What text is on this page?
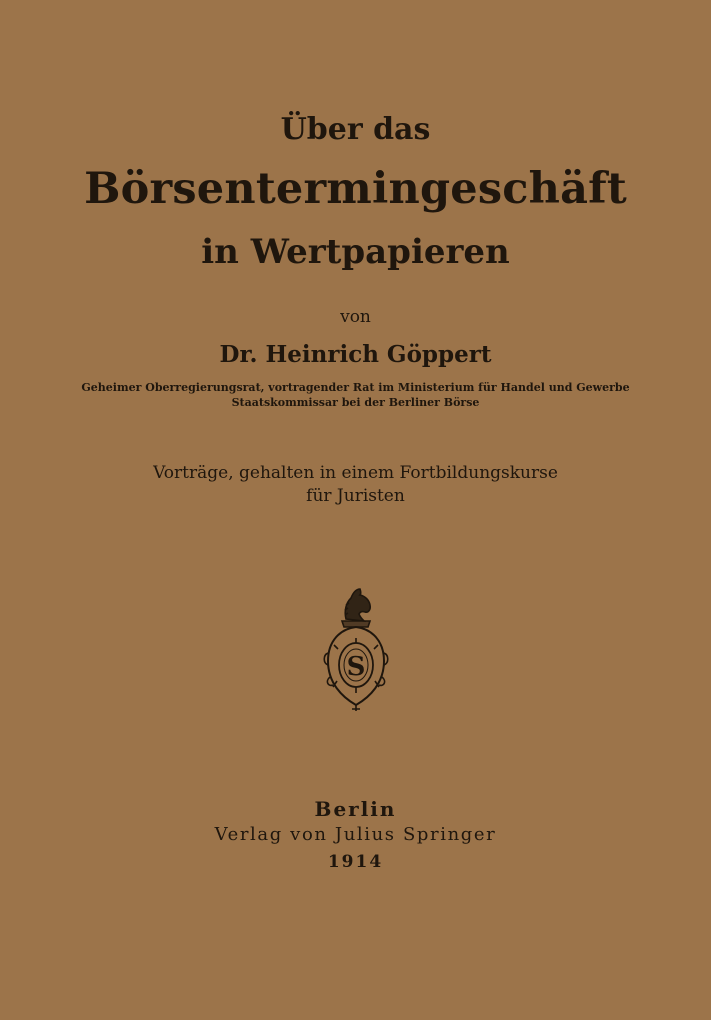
Über das
Börsentermingeschäft
in Wertpapieren
von
Dr. Heinrich Göppert
Geheimer Oberregierungsrat, vortragender Rat im Ministerium für Handel und Gewerbe
Staatskommissar bei der Berliner Börse
Vorträge, gehalten in einem Fortbildungskurse
für Juristen
S
Berlin
Verlag von Julius Springer
1914
